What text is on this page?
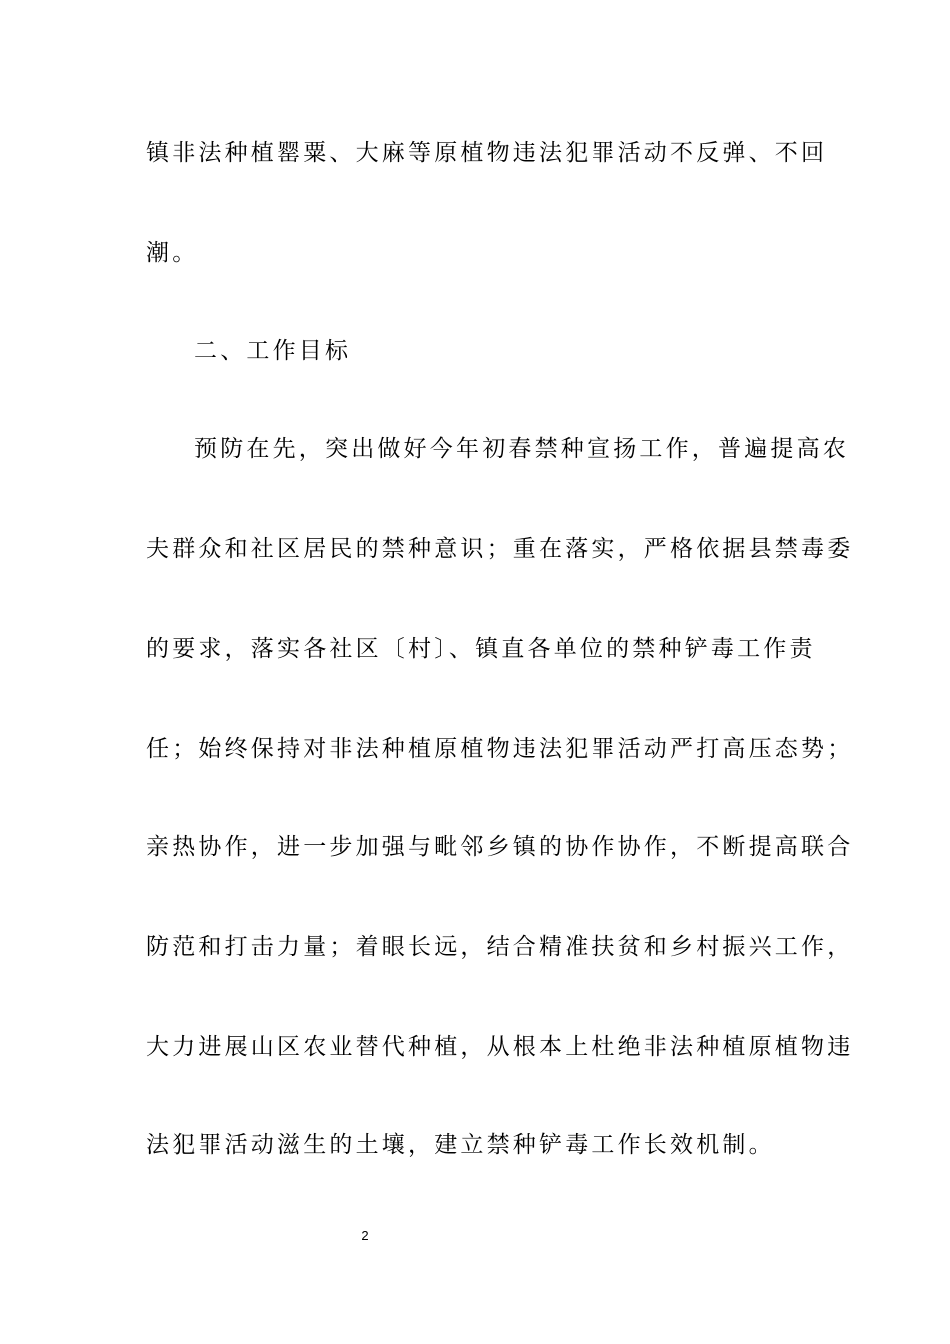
镇非法种植罂粟、大麻等原植物违法犯罪活动不反弹、不回
潮。
二、工作目标
预防在先，突出做好今年初春禁种宣扬工作，普遍提高农
夫群众和社区居民的禁种意识；重在落实，严格依据县禁毒委
的要求，落实各社区〔村〕、镇直各单位的禁种铲毒工作责
任；始终保持对非法种植原植物违法犯罪活动严打高压态势；
亲热协作，进一步加强与毗邻乡镇的协作协作，不断提高联合
防范和打击力量；着眼长远，结合精准扶贫和乡村振兴工作，
大力进展山区农业替代种植，从根本上杜绝非法种植原植物违
法犯罪活动滋生的土壤，建立禁种铲毒工作长效机制。
2
